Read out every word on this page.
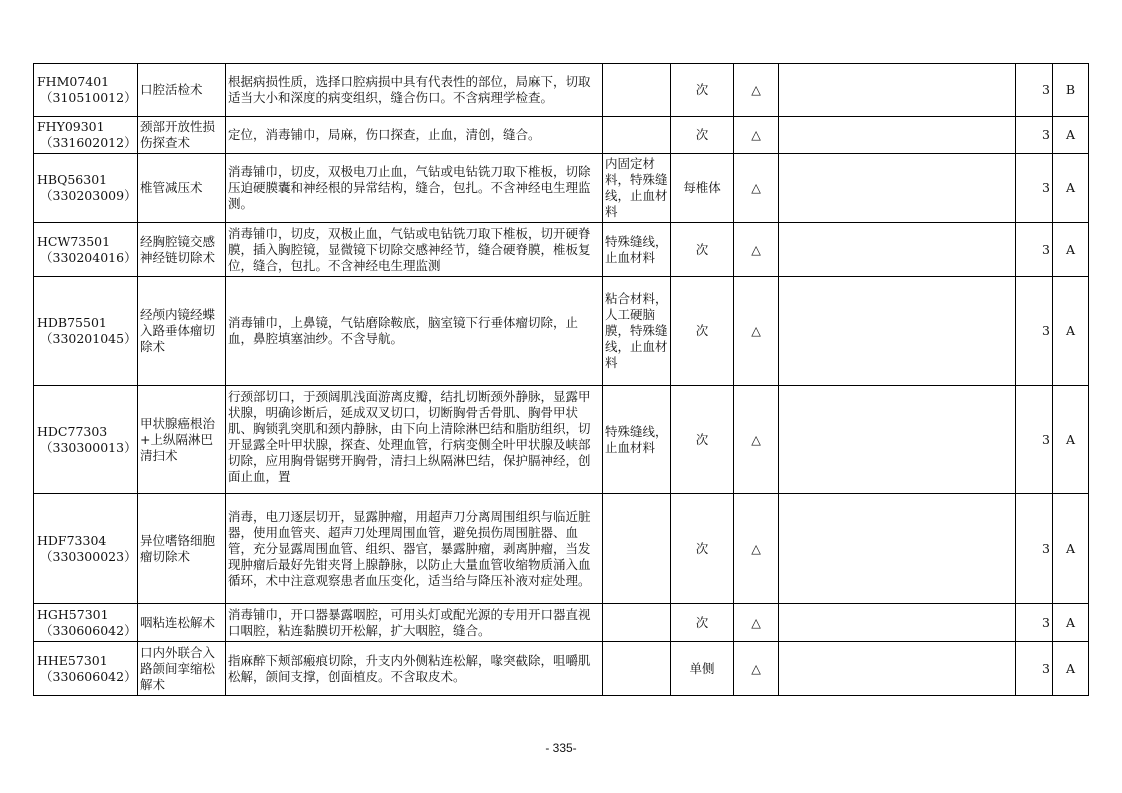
FHM07401
（310510012）	口腔活检术	根据病损性质，选择口腔病损中具有代表性的部位，局麻下，切取适当大小和深度的病变组织，缝合伤口。不含病理学检查。		次	△		3	B

FHY09301
（331602012）	颈部开放性损伤探查术	定位，消毒铺巾，局麻，伤口探查，止血，清创，缝合。		次	△		3	A

HBQ56301
（330203009）	椎管减压术	消毒铺巾，切皮，双极电刀止血，气钻或电钻铣刀取下椎板，切除压迫硬膜囊和神经根的异常结构，缝合，包扎。不含神经电生理监测。	内固定材料，特殊缝线，止血材料	每椎体	△		3	A

HCW73501
（330204016）	经胸腔镜交感神经链切除术	消毒铺巾，切皮，双极止血，气钻或电钻铣刀取下椎板，切开硬脊膜，插入胸腔镜，显微镜下切除交感神经节，缝合硬脊膜，椎板复位，缝合，包扎。不含神经电生理监测	特殊缝线，止血材料	次	△		3	A

HDB75501
（330201045）	经颅内镜经蝶入路垂体瘤切除术	消毒铺巾，上鼻镜，气钻磨除鞍底，脑室镜下行垂体瘤切除，止血，鼻腔填塞油纱。不含导航。	粘合材料，人工硬脑膜，特殊缝线，止血材料	次	△		3	A

HDC77303
（330300013）	甲状腺癌根治+上纵隔淋巴清扫术	行颈部切口，于颈阔肌浅面游离皮瓣，结扎切断颈外静脉，显露甲状腺，明确诊断后，延成双叉切口，切断胸骨舌骨肌、胸骨甲状肌、胸锁乳突肌和颈内静脉，由下向上清除淋巴结和脂肪组织，切开显露全叶甲状腺，探查、处理血管，行病变侧全叶甲状腺及峡部切除，应用胸骨锯劈开胸骨，清扫上纵隔淋巴结，保护膈神经，创面止血，置	特殊缝线，止血材料	次	△		3	A

HDF73304
（330300023）	异位嗜铬细胞瘤切除术	消毒，电刀逐层切开，显露肿瘤，用超声刀分离周围组织与临近脏器，使用血管夹、超声刀处理周围血管，避免损伤周围脏器、血管，充分显露周围血管、组织、器官，暴露肿瘤，剥离肿瘤，当发现肿瘤后最好先钳夹肾上腺静脉，以防止大量血管收缩物质涌入血循环，术中注意观察患者血压变化，适当给与降压补液对症处理。		次	△		3	A

HGH57301
（330606042）	咽粘连松解术	消毒铺巾，开口器暴露咽腔，可用头灯或配光源的专用开口器直视口咽腔，粘连黏膜切开松解，扩大咽腔，缝合。		次	△		3	A

HHE57301
（330606042）	口内外联合入路颌间挛缩松解术	指麻醉下颊部瘢痕切除，升支内外侧粘连松解，喙突截除，咀嚼肌松解，颌间支撑，创面植皮。不含取皮术。		单侧	△		3	A
- 335-
